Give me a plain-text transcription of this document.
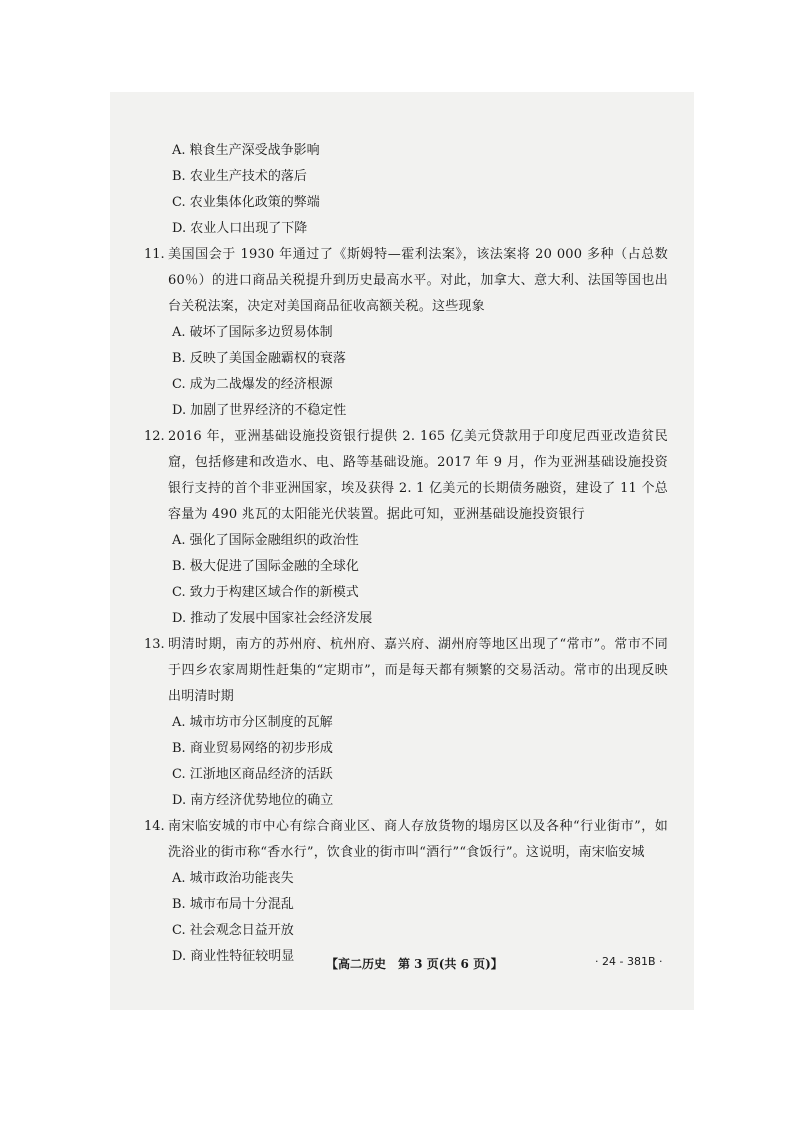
A. 粮食生产深受战争影响

B. 农业生产技术的落后

C. 农业集体化政策的弊端

D. 农业人口出现了下降

11. 美国国会于 1930 年通过了《斯姆特—霍利法案》，该法案将 20 000 多种（占总数 60％）的进口商品关税提升到历史最高水平。对此，加拿大、意大利、法国等国也出台关税法案，决定对美国商品征收高额关税。这些现象

A. 破坏了国际多边贸易体制

B. 反映了美国金融霸权的衰落

C. 成为二战爆发的经济根源

D. 加剧了世界经济的不稳定性

12. 2016 年，亚洲基础设施投资银行提供 2. 165 亿美元贷款用于印度尼西亚改造贫民窟，包括修建和改造水、电、路等基础设施。2017 年 9 月，作为亚洲基础设施投资银行支持的首个非亚洲国家，埃及获得 2. 1 亿美元的长期债务融资，建设了 11 个总容量为 490 兆瓦的太阳能光伏装置。据此可知，亚洲基础设施投资银行

A. 强化了国际金融组织的政治性

B. 极大促进了国际金融的全球化

C. 致力于构建区域合作的新模式

D. 推动了发展中国家社会经济发展

13. 明清时期，南方的苏州府、杭州府、嘉兴府、湖州府等地区出现了“常市”。常市不同于四乡农家周期性赶集的“定期市”，而是每天都有频繁的交易活动。常市的出现反映出明清时期

A. 城市坊市分区制度的瓦解

B. 商业贸易网络的初步形成

C. 江浙地区商品经济的活跃

D. 南方经济优势地位的确立

14. 南宋临安城的市中心有综合商业区、商人存放货物的塌房区以及各种“行业街市”，如洗浴业的街市称“香水行”，饮食业的街市叫“酒行”“食饭行”。这说明，南宋临安城

A. 城市政治功能丧失

B. 城市布局十分混乱

C. 社会观念日益开放

D. 商业性特征较明显	【高二历史　第 3 页(共 6 页)】	· 24 - 381B ·
